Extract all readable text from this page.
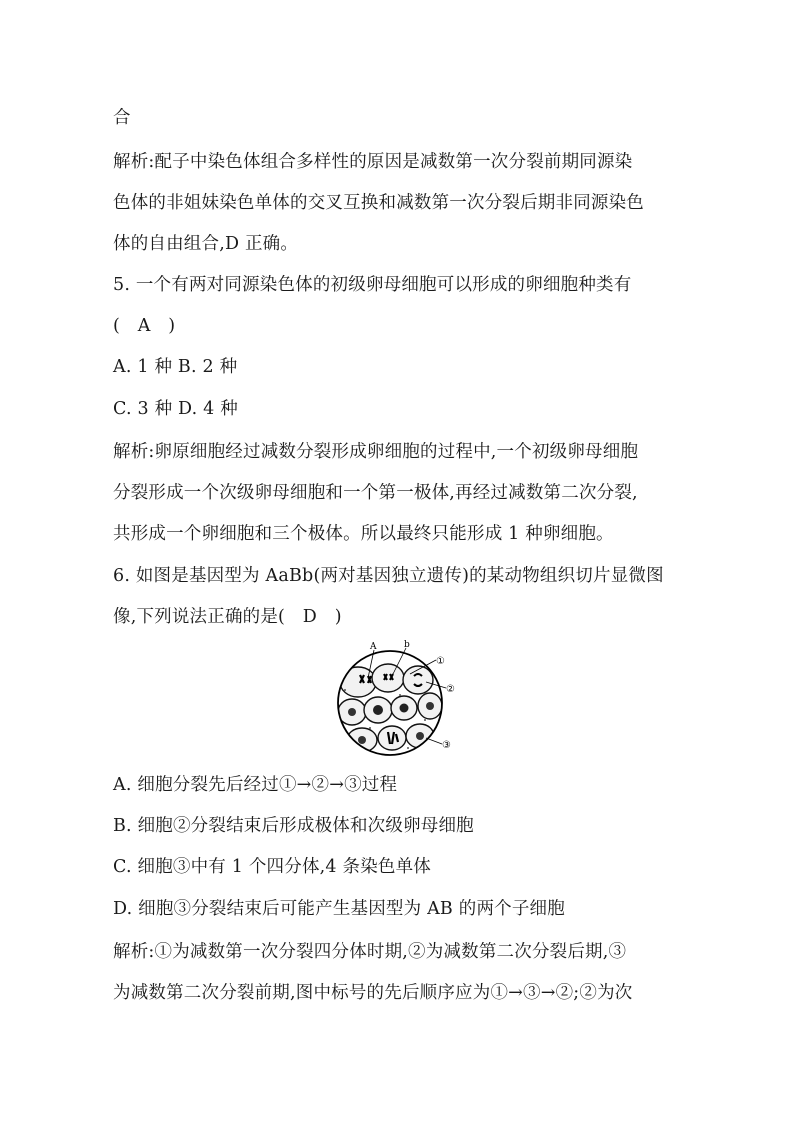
合
解析:配子中染色体组合多样性的原因是减数第一次分裂前期同源染
色体的非姐妹染色单体的交叉互换和减数第一次分裂后期非同源染色
体的自由组合,D 正确。
5. 一个有两对同源染色体的初级卵母细胞可以形成的卵细胞种类有
(　A　)
A. 1 种 B. 2 种
C. 3 种 D. 4 种
解析:卵原细胞经过减数分裂形成卵细胞的过程中,一个初级卵母细胞
分裂形成一个次级卵母细胞和一个第一极体,再经过减数第二次分裂,
共形成一个卵细胞和三个极体。所以最终只能形成 1 种卵细胞。
6. 如图是基因型为 AaBb(两对基因独立遗传)的某动物组织切片显微图
像,下列说法正确的是(　D　)
A	b
①
②
③
A. 细胞分裂先后经过①→②→③过程
B. 细胞②分裂结束后形成极体和次级卵母细胞
C. 细胞③中有 1 个四分体,4 条染色单体
D. 细胞③分裂结束后可能产生基因型为 AB 的两个子细胞
解析:①为减数第一次分裂四分体时期,②为减数第二次分裂后期,③
为减数第二次分裂前期,图中标号的先后顺序应为①→③→②;②为次
